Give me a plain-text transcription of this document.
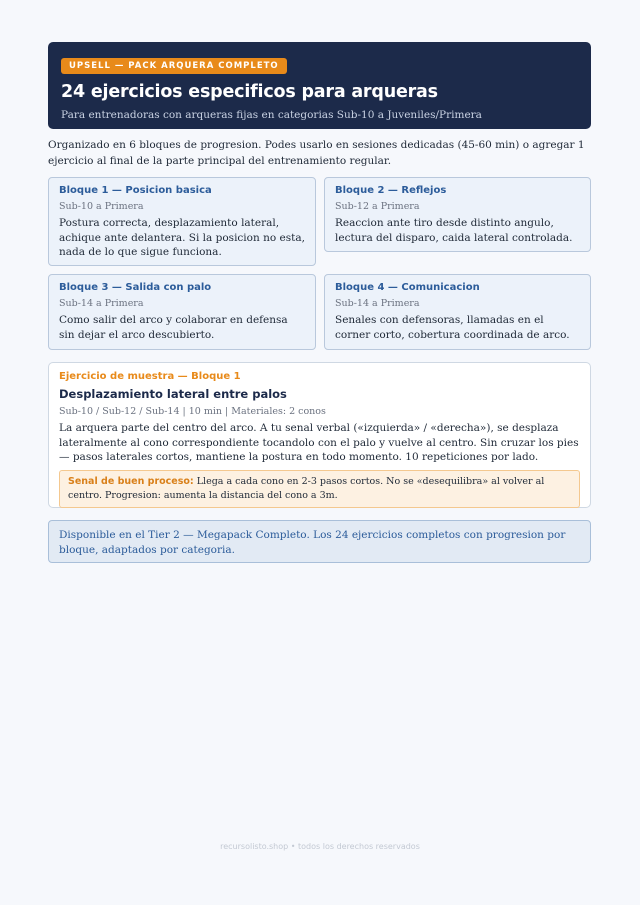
UPSELL — PACK ARQUERA COMPLETO
24 ejercicios especificos para arqueras
Para entrenadoras con arqueras fijas en categorias Sub-10 a Juveniles/Primera
Organizado en 6 bloques de progresion. Podes usarlo en sesiones dedicadas (45-60 min) o agregar 1 ejercicio al final de la parte principal del entrenamiento regular.
Bloque 1 — Posicion basica
Sub-10 a Primera
Postura correcta, desplazamiento lateral, achique ante delantera. Si la posicion no esta, nada de lo que sigue funciona.
Bloque 2 — Reflejos
Sub-12 a Primera
Reaccion ante tiro desde distinto angulo, lectura del disparo, caida lateral controlada.
Bloque 3 — Salida con palo
Sub-14 a Primera
Como salir del arco y colaborar en defensa sin dejar el arco descubierto.
Bloque 4 — Comunicacion
Sub-14 a Primera
Senales con defensoras, llamadas en el corner corto, cobertura coordinada de arco.
Ejercicio de muestra — Bloque 1
Desplazamiento lateral entre palos
Sub-10 / Sub-12 / Sub-14 | 10 min | Materiales: 2 conos
La arquera parte del centro del arco. A tu senal verbal («izquierda» / «derecha»), se desplaza lateralmente al cono correspondiente tocandolo con el palo y vuelve al centro. Sin cruzar los pies — pasos laterales cortos, mantiene la postura en todo momento. 10 repeticiones por lado.
Senal de buen proceso: Llega a cada cono en 2-3 pasos cortos. No se «desequilibra» al volver al centro. Progresion: aumenta la distancia del cono a 3m.
Disponible en el Tier 2 — Megapack Completo. Los 24 ejercicios completos con progresion por bloque, adaptados por categoria.
recursolisto.shop • todos los derechos reservados
